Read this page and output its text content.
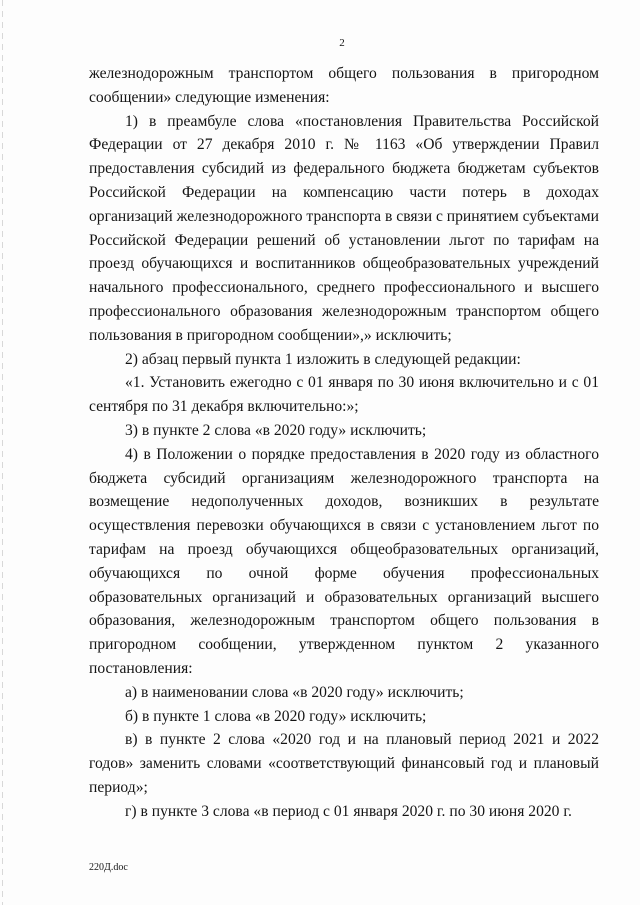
2

железнодорожным транспортом общего пользования в пригородном сообщении» следующие изменения:

1) в преамбуле слова «постановления Правительства Российской Федерации от 27 декабря 2010 г. № 1163 «Об утверждении Правил предоставления субсидий из федерального бюджета бюджетам субъектов Российской Федерации на компенсацию части потерь в доходах организаций железнодорожного транспорта в связи с принятием субъектами Российской Федерации решений об установлении льгот по тарифам на проезд обучающихся и воспитанников общеобразовательных учреждений начального профессионального, среднего профессионального и высшего профессионального образования железнодорожным транспортом общего пользования в пригородном сообщении»,» исключить;

2) абзац первый пункта 1 изложить в следующей редакции:

«1. Установить ежегодно с 01 января по 30 июня включительно и с 01 сентября по 31 декабря включительно:»;

3) в пункте 2 слова «в 2020 году» исключить;

4) в Положении о порядке предоставления в 2020 году из областного бюджета субсидий организациям железнодорожного транспорта на возмещение недополученных доходов, возникших в результате осуществления перевозки обучающихся в связи с установлением льгот по тарифам на проезд обучающихся общеобразовательных организаций, обучающихся по очной форме обучения профессиональных образовательных организаций и образовательных организаций высшего образования, железнодорожным транспортом общего пользования в пригородном сообщении, утвержденном пунктом 2 указанного постановления:

а) в наименовании слова «в 2020 году» исключить;

б) в пункте 1 слова «в 2020 году» исключить;

в) в пункте 2 слова «2020 год и на плановый период 2021 и 2022 годов» заменить словами «соответствующий финансовый год и плановый период»;

г) в пункте 3 слова «в период с 01 января 2020 г. по 30 июня 2020 г.

220Д.doc
